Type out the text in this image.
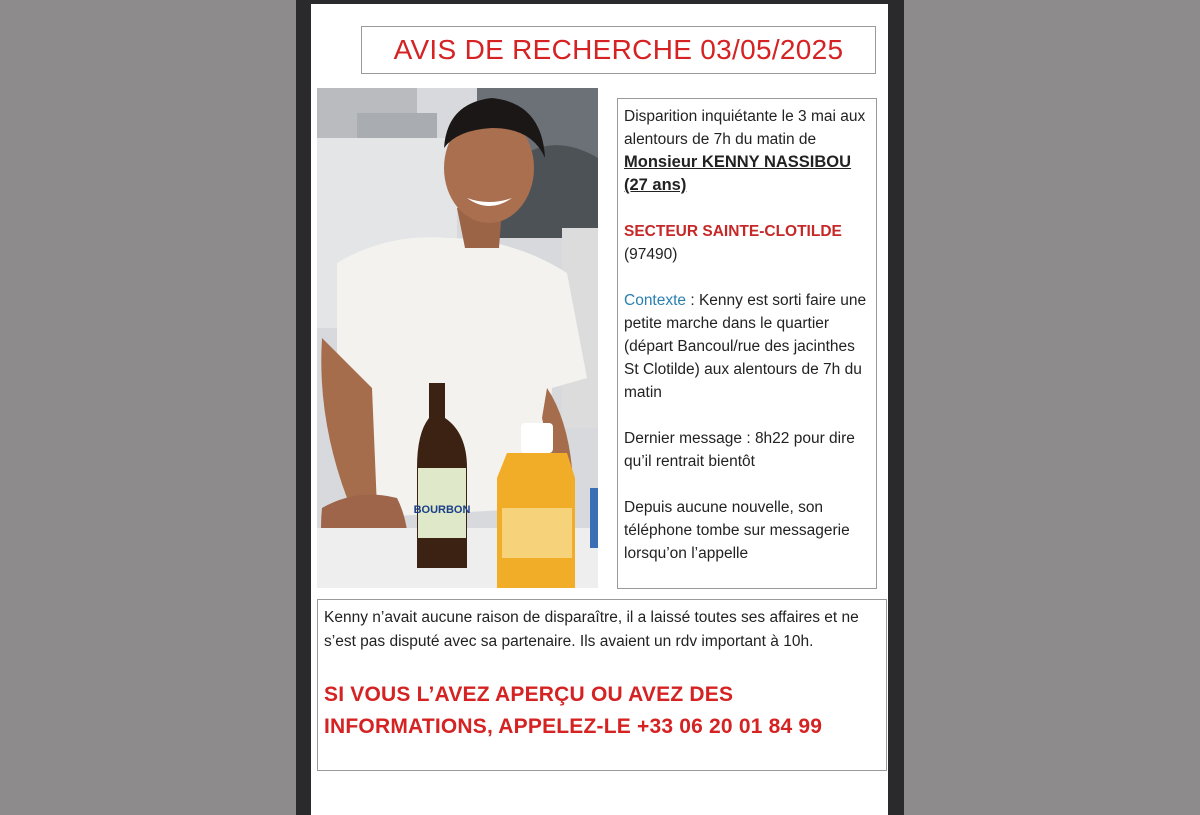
AVIS DE RECHERCHE 03/05/2025
BOURBON

Disparition inquiétante le 3 mai aux alentours de 7h du matin de Monsieur KENNY NASSIBOU (27 ans)

SECTEUR SAINTE-CLOTILDE
(97490)

Contexte : Kenny est sorti faire une petite marche dans le quartier (départ Bancoul/rue des jacinthes St Clotilde) aux alentours de 7h du matin

Dernier message : 8h22 pour dire qu’il rentrait bientôt

Depuis aucune nouvelle, son téléphone tombe sur messagerie lorsqu’on l’appelle

Kenny n’avait aucune raison de disparaître, il a laissé toutes ses affaires et ne s’est pas disputé avec sa partenaire. Ils avaient un rdv important à 10h.

SI VOUS L’AVEZ APERÇU OU AVEZ DES INFORMATIONS, APPELEZ-LE +33 06 20 01 84 99
